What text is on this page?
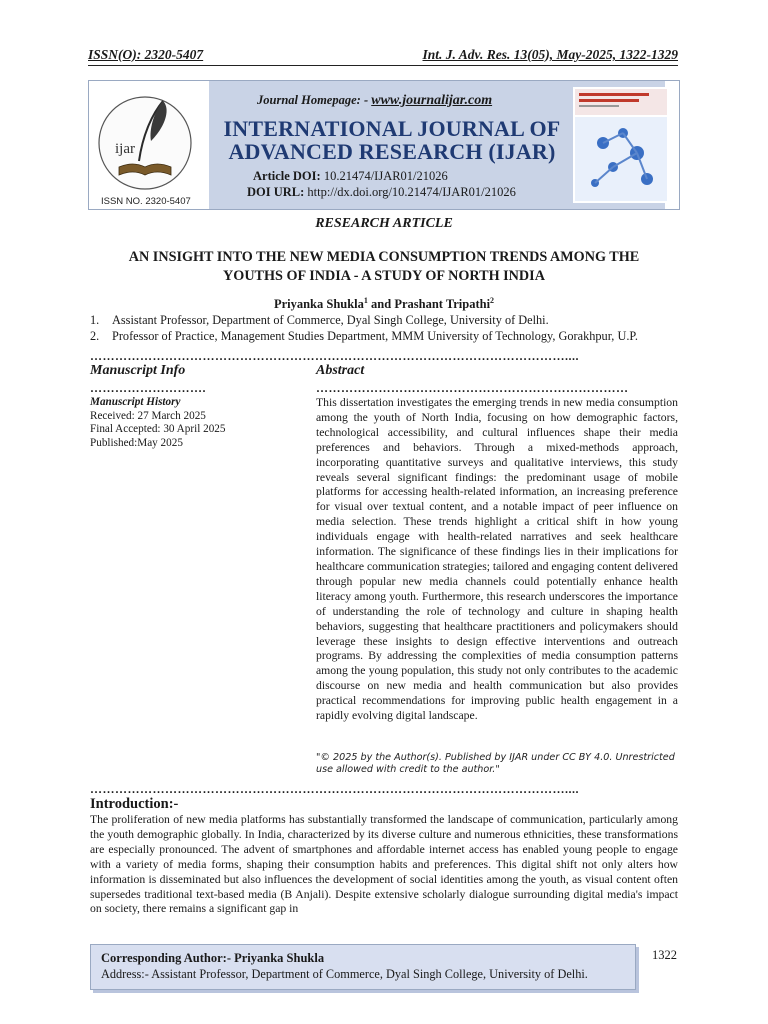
ISSN(O): 2320-5407	Int. J. Adv. Res. 13(05), May-2025, 1322-1329
ijar
ISSN NO. 2320-5407
Journal Homepage: - www.journalijar.com
INTERNATIONAL JOURNAL OF
ADVANCED RESEARCH (IJAR)
Article DOI: 10.21474/IJAR01/21026
DOI URL: http://dx.doi.org/10.21474/IJAR01/21026
RESEARCH ARTICLE
AN INSIGHT INTO THE NEW MEDIA CONSUMPTION TRENDS AMONG THE
YOUTHS OF INDIA - A STUDY OF NORTH INDIA
Priyanka Shukla$^1$ and Prashant Tripathi$^2$
1. Assistant Professor, Department of Commerce, Dyal Singh College, University of Delhi.
2. Professor of Practice, Management Studies Department, MMM University of Technology, Gorakhpur, U.P.
……………………………………………………………………………………………………....
Manuscript Info	Abstract
……………………….	…………………………………………………………………
Manuscript History
Received: 27 March 2025
Final Accepted: 30 April 2025
Published:May 2025
This dissertation investigates the emerging trends in new media consumption among the youth of North India, focusing on how demographic factors, technological accessibility, and cultural influences shape their media preferences and behaviors. Through a mixed-methods approach, incorporating quantitative surveys and qualitative interviews, this study reveals several significant findings: the predominant usage of mobile platforms for accessing health-related information, an increasing preference for visual over textual content, and a notable impact of peer influence on media selection. These trends highlight a critical shift in how young individuals engage with health-related narratives and seek healthcare information. The significance of these findings lies in their implications for healthcare communication strategies; tailored and engaging content delivered through popular new media channels could potentially enhance health literacy among youth. Furthermore, this research underscores the importance of understanding the role of technology and culture in shaping health behaviors, suggesting that healthcare practitioners and policymakers should leverage these insights to design effective interventions and outreach programs. By addressing the complexities of media consumption patterns among the young population, this study not only contributes to the academic discourse on new media and health communication but also provides practical recommendations for improving public health engagement in a rapidly evolving digital landscape.
"© 2025 by the Author(s). Published by IJAR under CC BY 4.0. Unrestricted use allowed with credit to the author."
……………………………………………………………………………………………………....
Introduction:-
The proliferation of new media platforms has substantially transformed the landscape of communication, particularly among the youth demographic globally. In India, characterized by its diverse culture and numerous ethnicities, these transformations are especially pronounced. The advent of smartphones and affordable internet access has enabled young people to engage with a variety of media forms, shaping their consumption habits and preferences. This digital shift not only alters how information is disseminated but also influences the development of social identities among the youth, as visual content often supersedes traditional text-based media (B Anjali). Despite extensive scholarly dialogue surrounding digital media's impact on society, there remains a significant gap in
Corresponding Author:- Priyanka Shukla
Address:- Assistant Professor, Department of Commerce, Dyal Singh College, University of Delhi.
1322
